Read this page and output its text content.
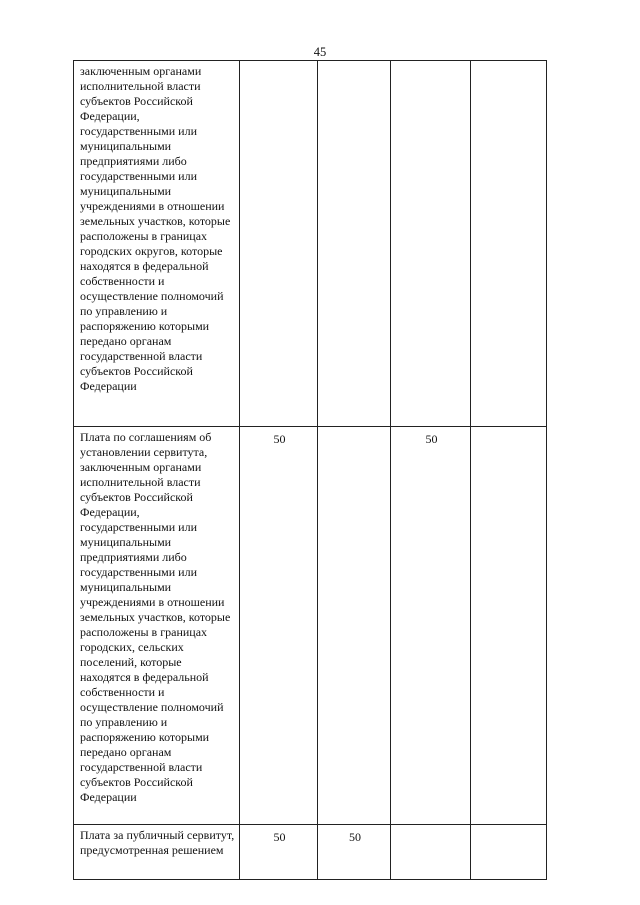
45
заключенным органами исполнительной власти субъектов Российской Федерации, государственными или муниципальными предприятиями либо государственными или муниципальными учреждениями в отношении земельных участков, которые расположены в границах городских округов, которые находятся в федеральной собственности и осуществление полномочий по управлению и распоряжению которыми передано органам государственной власти субъектов Российской Федерации				
Плата по соглашениям об установлении сервитута, заключенным органами исполнительной власти субъектов Российской Федерации, государственными или муниципальными предприятиями либо государственными или муниципальными учреждениями в отношении земельных участков, которые расположены в границах городских, сельских поселений, которые находятся в федеральной собственности и осуществление полномочий по управлению и распоряжению которыми передано органам государственной власти субъектов Российской Федерации	50		50	
Плата за публичный сервитут, предусмотренная решением	50	50		
